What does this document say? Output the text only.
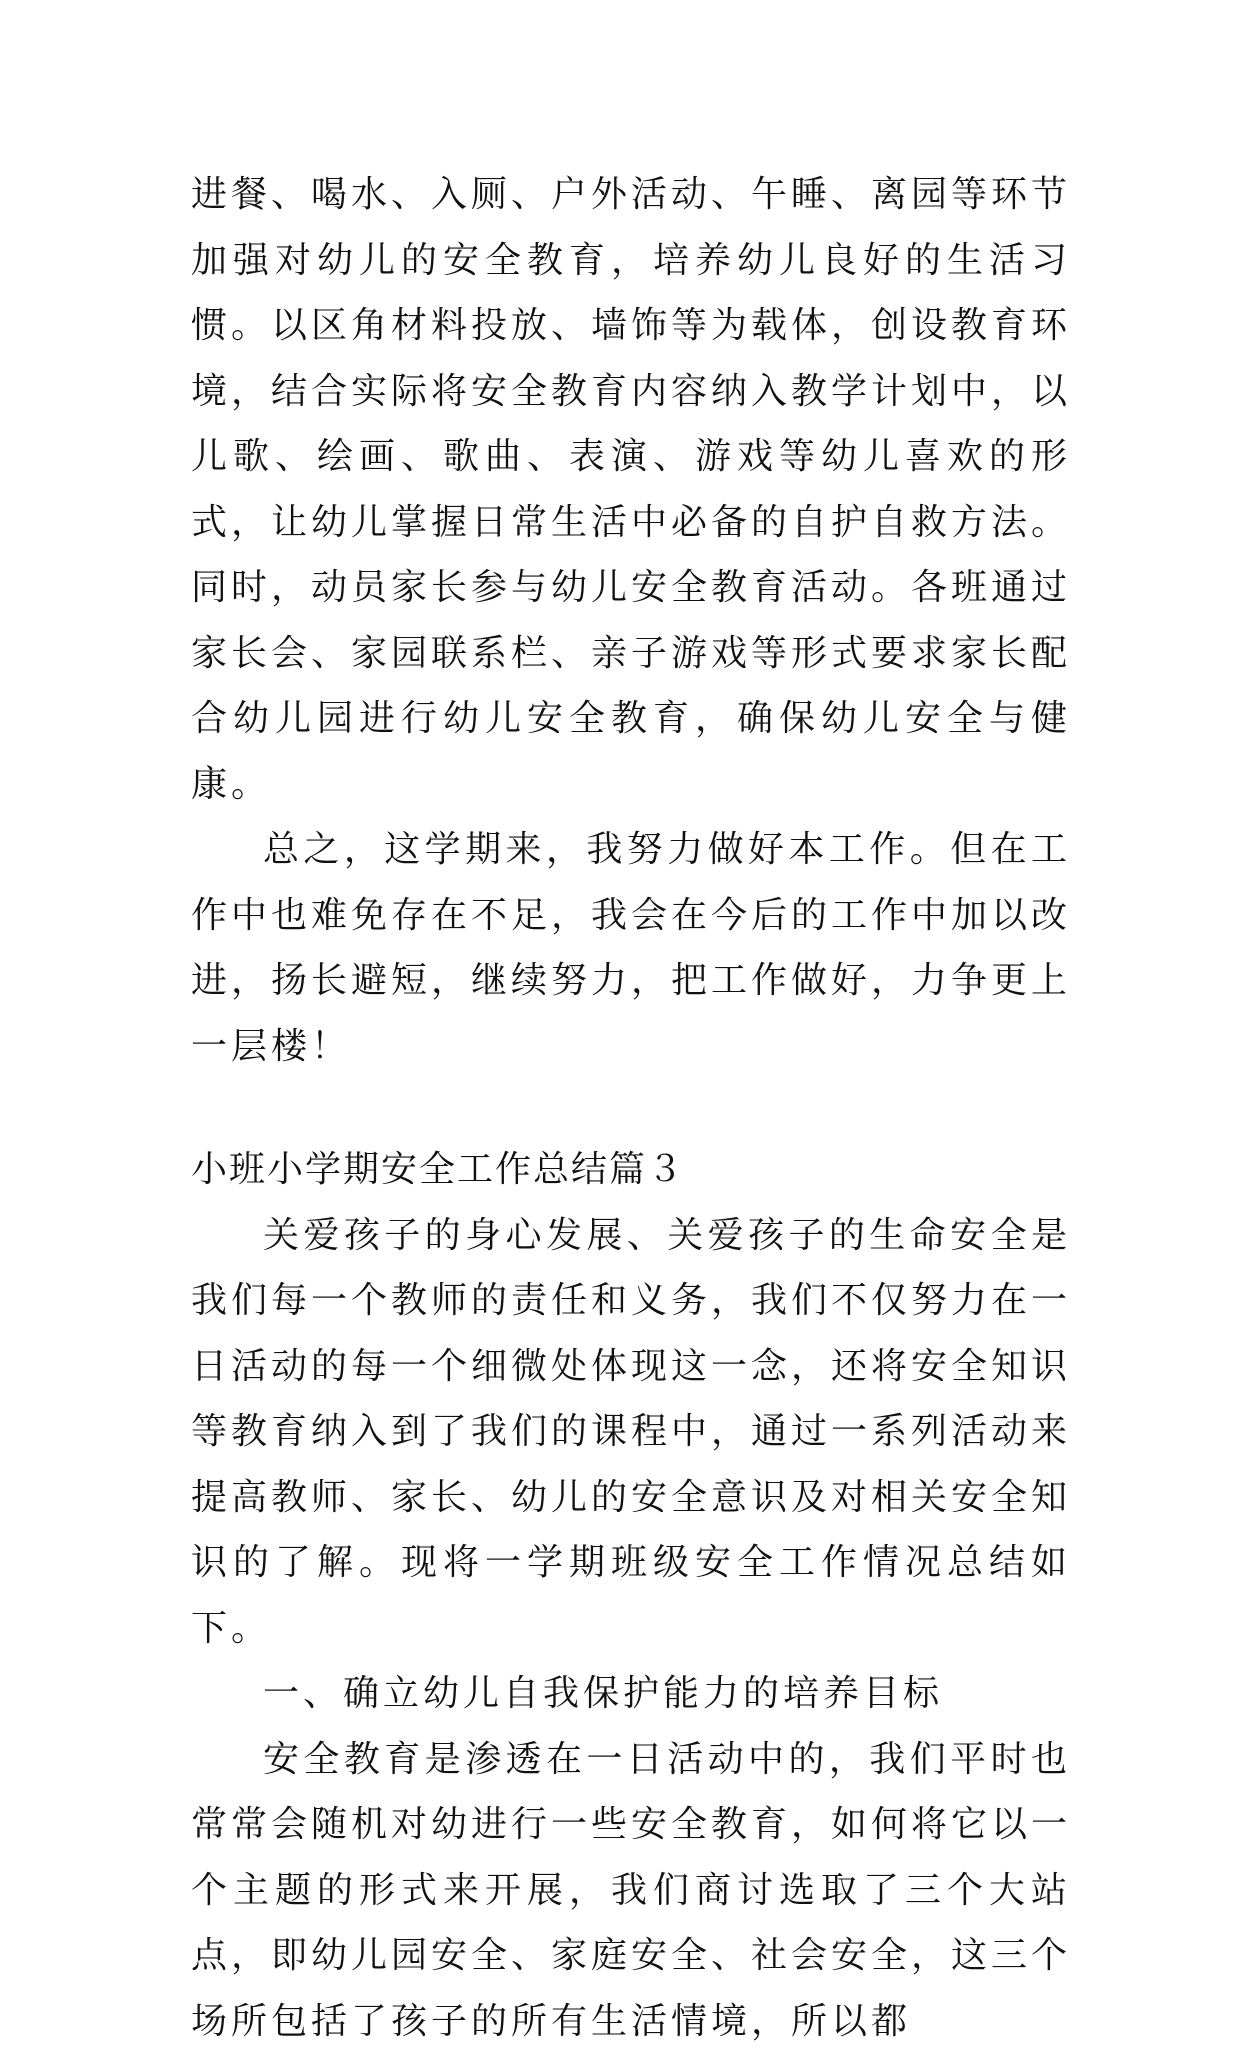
进餐、喝水、入厕、户外活动、午睡、离园等环节加强对幼儿的安全教育，培养幼儿良好的生活习惯。以区角材料投放、墙饰等为载体，创设教育环境，结合实际将安全教育内容纳入教学计划中，以儿歌、绘画、歌曲、表演、游戏等幼儿喜欢的形式，让幼儿掌握日常生活中必备的自护自救方法。同时，动员家长参与幼儿安全教育活动。各班通过家长会、家园联系栏、亲子游戏等形式要求家长配合幼儿园进行幼儿安全教育，确保幼儿安全与健康。

总之，这学期来，我努力做好本工作。但在工作中也难免存在不足，我会在今后的工作中加以改进，扬长避短，继续努力，把工作做好，力争更上一层楼！

小班小学期安全工作总结篇３

关爱孩子的身心发展、关爱孩子的生命安全是我们每一个教师的责任和义务，我们不仅努力在一日活动的每一个细微处体现这一念，还将安全知识等教育纳入到了我们的课程中，通过一系列活动来提高教师、家长、幼儿的安全意识及对相关安全知识的了解。现将一学期班级安全工作情况总结如下。

一、确立幼儿自我保护能力的培养目标

安全教育是渗透在一日活动中的，我们平时也常常会随机对幼进行一些安全教育，如何将它以一个主题的形式来开展，我们商讨选取了三个大站点，即幼儿园安全、家庭安全、社会安全，这三个场所包括了孩子的所有生活情境，所以都
